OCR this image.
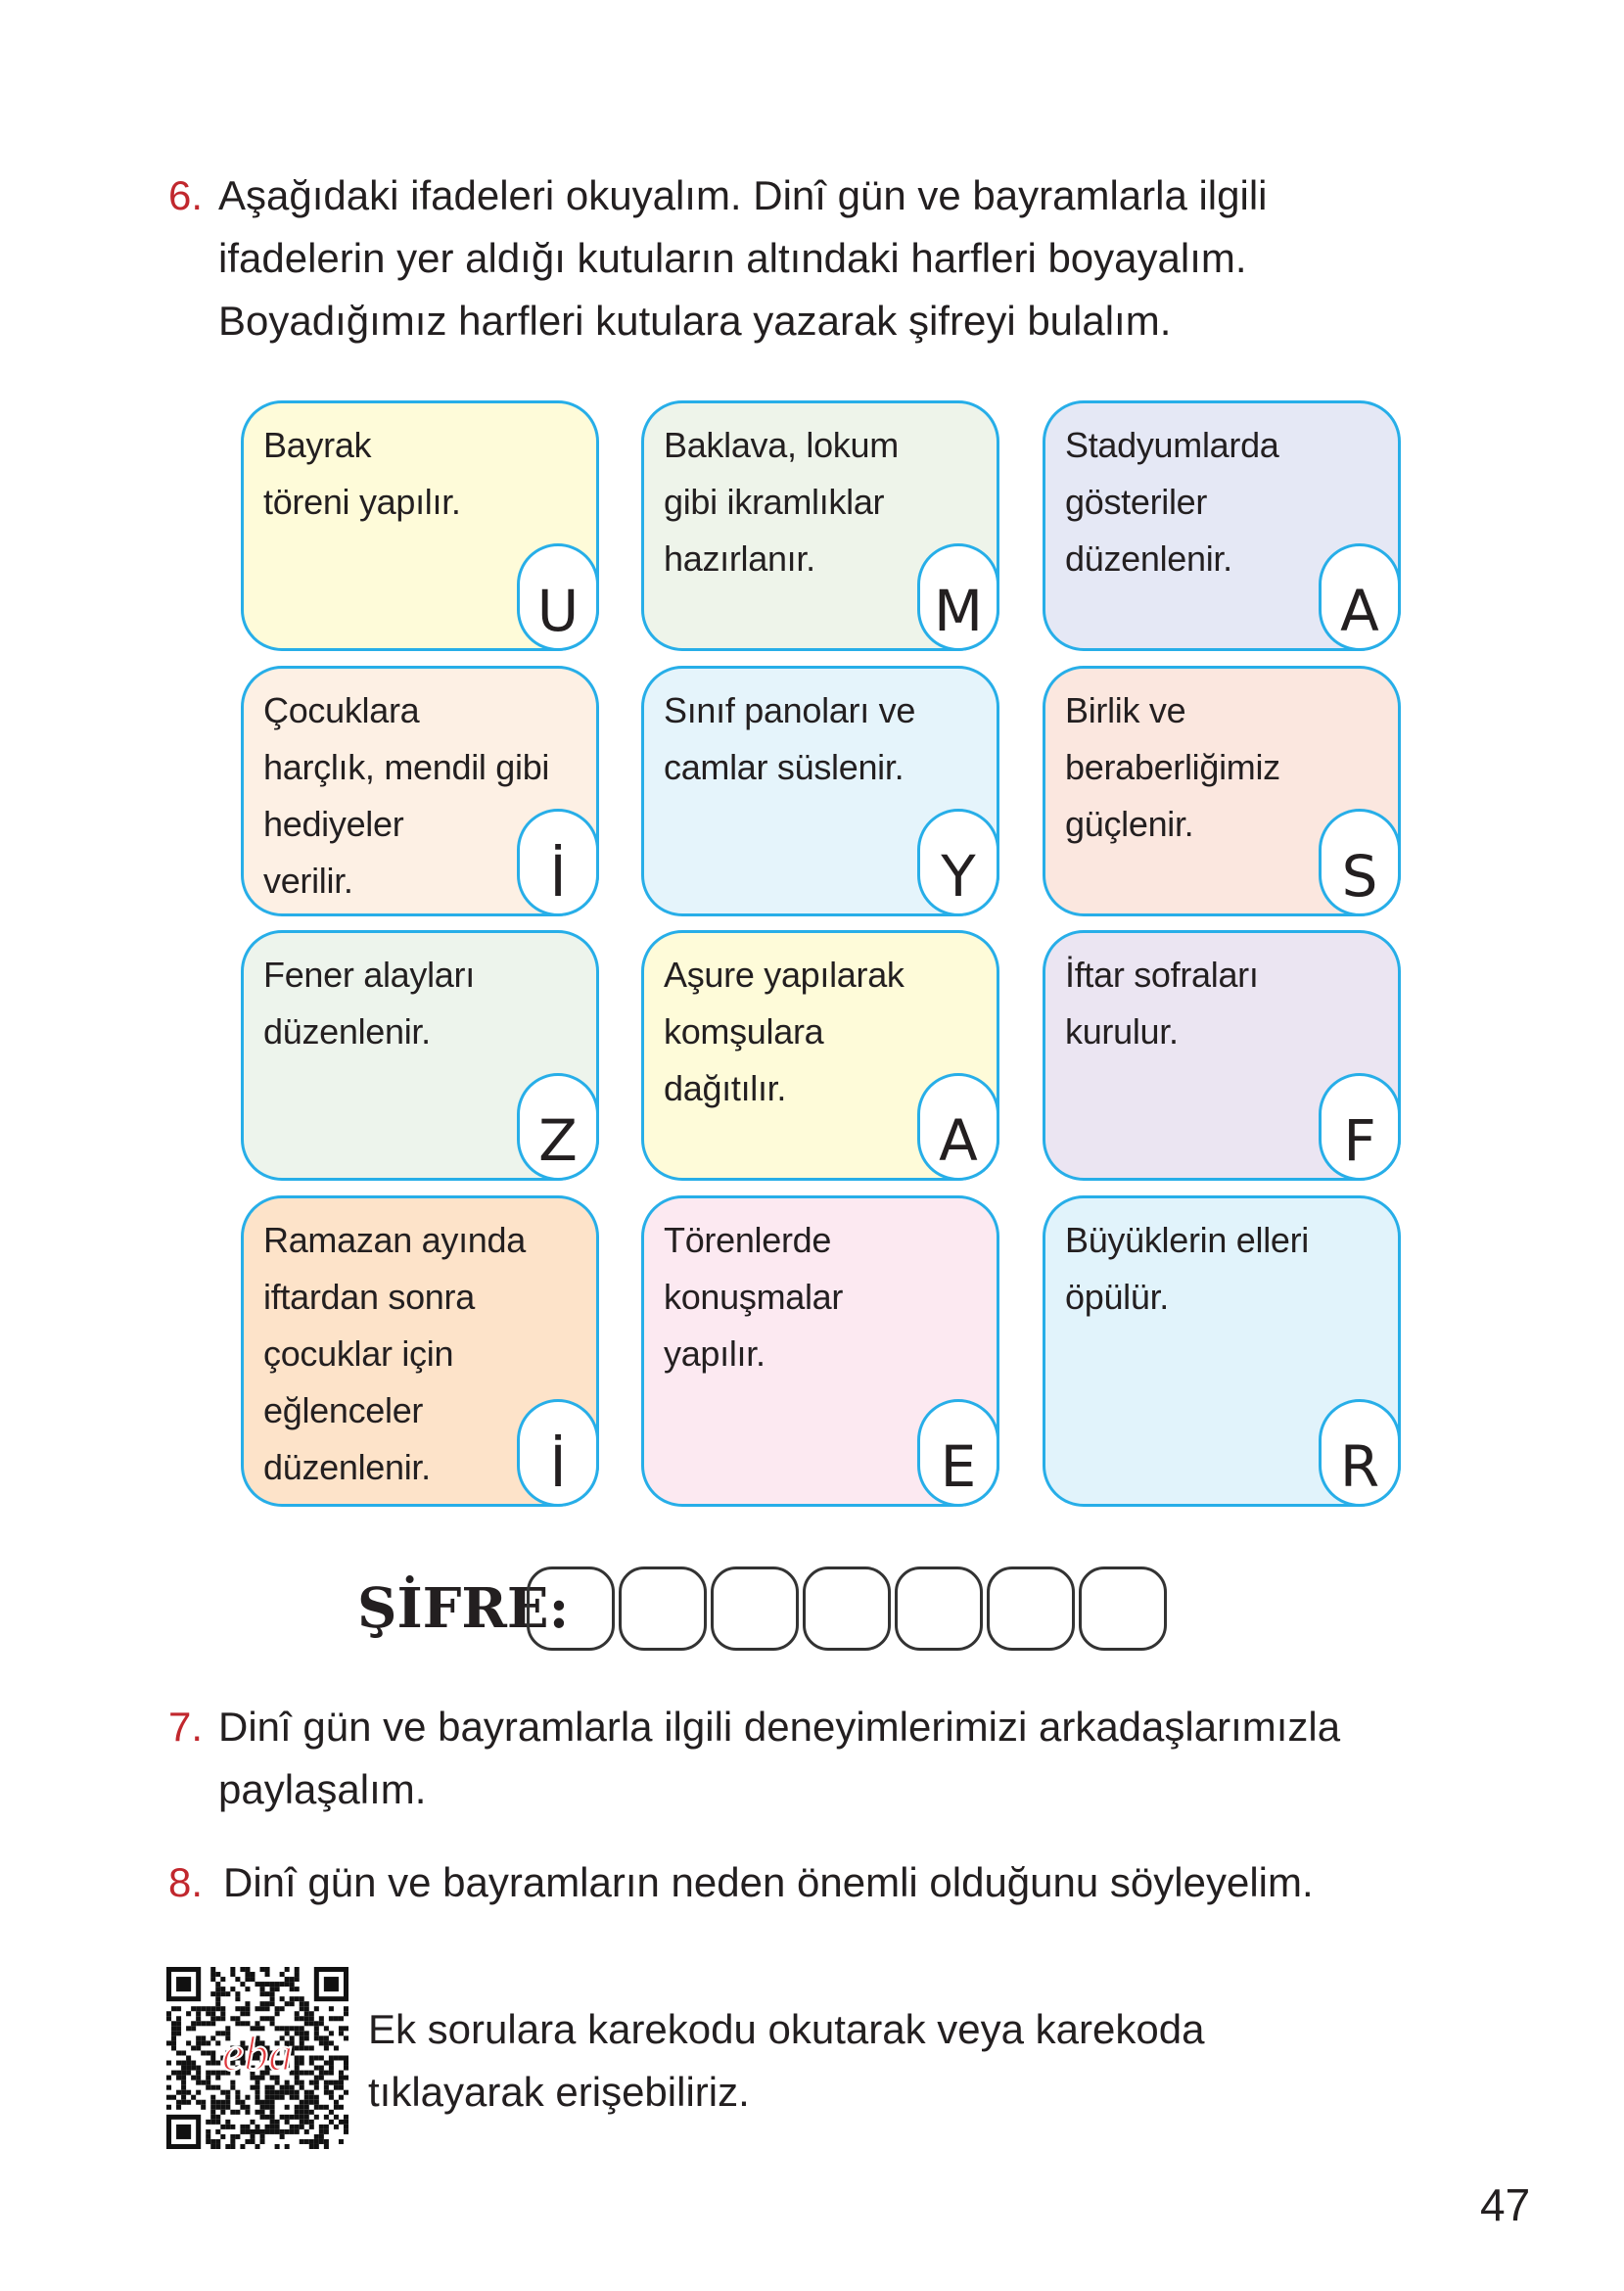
6. Aşağıdaki ifadeleri okuyalım. Dinî gün ve bayramlarla ilgili
ifadelerin yer aldığı kutuların altındaki harfleri boyayalım.
Boyadığımız harfleri kutulara yazarak şifreyi bulalım.
U
Bayrak
töreni yapılır.
M
Baklava, lokum
gibi ikramlıklar
hazırlanır.
A
Stadyumlarda
gösteriler
düzenlenir.
İ
Çocuklara
harçlık, mendil gibi
hediyeler
verilir.	Y
Sınıf panoları ve
camlar süslenir.
S
Birlik ve
beraberliğimiz
güçlenir.
Z
Fener alayları
düzenlenir.
A
Aşure yapılarak
komşulara
dağıtılır.
F
İftar sofraları
kurulur.
İ
Ramazan ayında
iftardan sonra
çocuklar için
eğlenceler
düzenlenir.	E
Törenlerde
konuşmalar
yapılır.
R
Büyüklerin elleri
öpülür.
ŞİFRE:
7. Dinî gün ve bayramlarla ilgili deneyimlerimizi arkadaşlarımızla
paylaşalım.
8. Dinî gün ve bayramların neden önemli olduğunu söyleyelim.
eba Ek sorulara karekodu okutarak veya karekoda
tıklayarak erişebiliriz.
47
